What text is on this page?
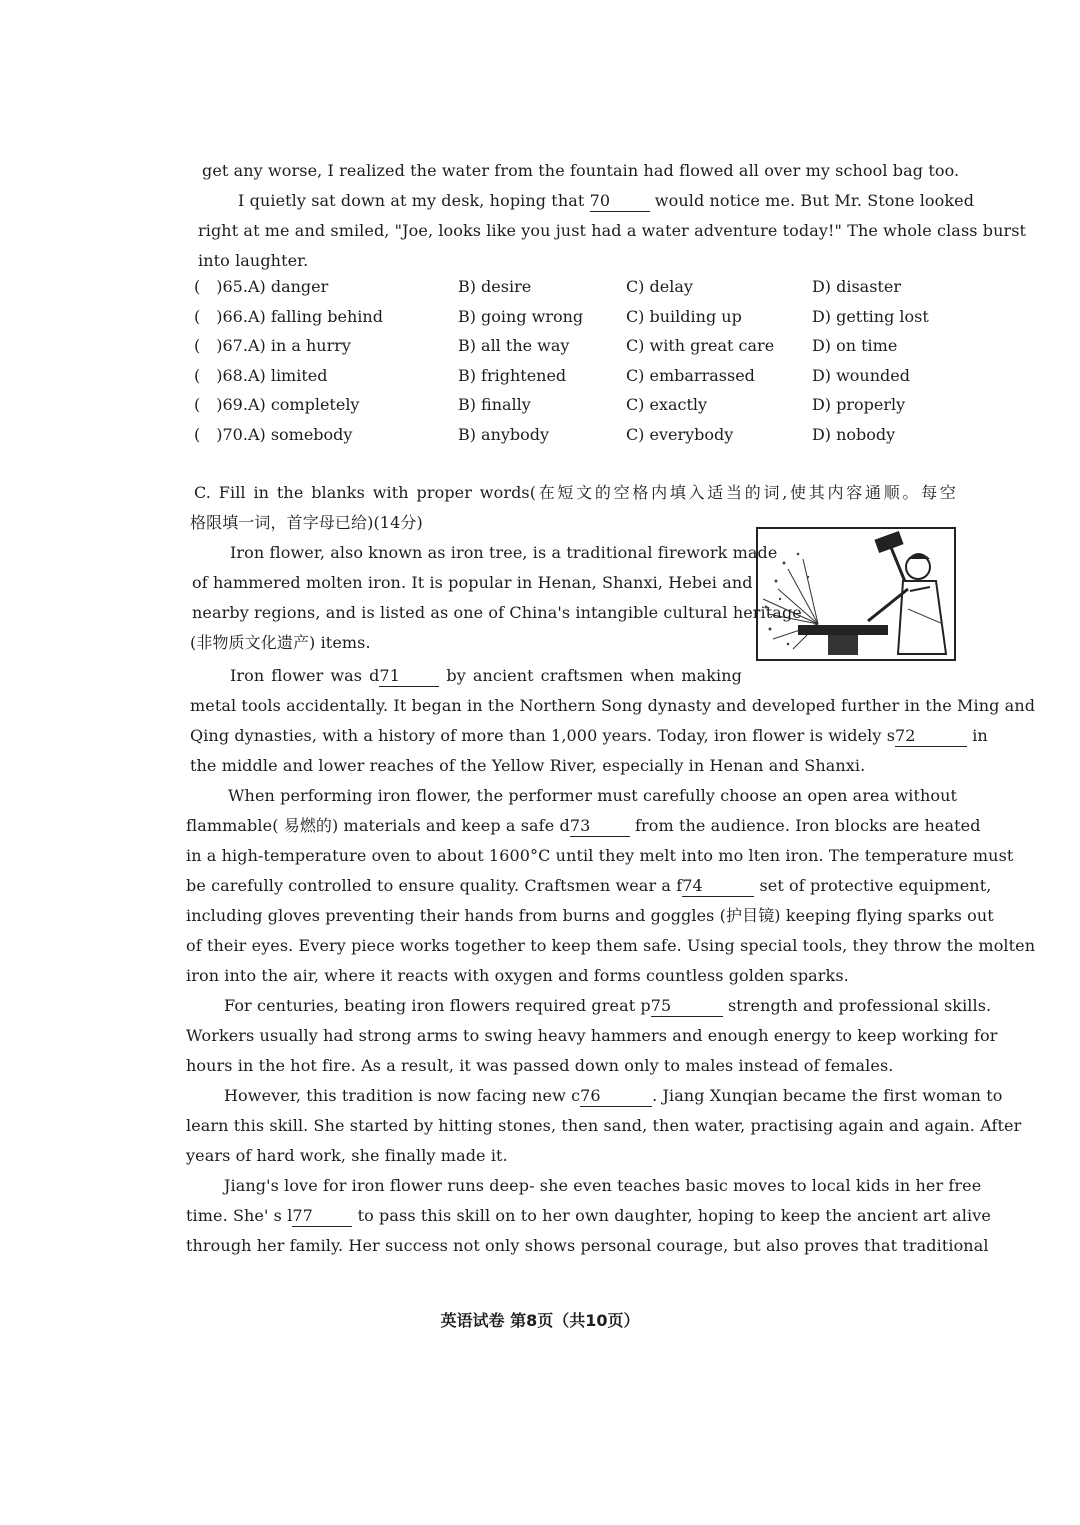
get any worse, I realized the water from the fountain had flowed all over my school bag too.
I quietly sat down at my desk, hoping that 70	would notice me. But Mr. Stone looked
right at me and smiled, "Joe, looks like you just had a water adventure today!" The whole class burst
into laughter.
( )65.	A) danger	B) desire	C) delay	D) disaster
( )66.	A) falling behind	B) going wrong	C) building up	D) getting lost
( )67.	A) in a hurry	B) all the way	C) with great care	D) on time
( )68.	A) limited	B) frightened	C) embarrassed	D) wounded
( )69.	A) completely	B) finally	C) exactly	D) properly
( )70.	A) somebody	B) anybody	C) everybody	D) nobody
C. Fill in the blanks with proper words(在短文的空格内填入适当的词,使其内容通顺。每空
格限填一词，首字母已给)(14分)
Iron flower, also known as iron tree, is a traditional firework made
of hammered molten iron. It is popular in Henan, Shanxi, Hebei and
nearby regions, and is listed as one of China's intangible cultural heritage
(非物质文化遗产) items.
Iron flower was d71	by ancient craftsmen when making
metal tools accidentally. It began in the Northern Song dynasty and developed further in the Ming and
Qing dynasties, with a history of more than 1,000 years. Today, iron flower is widely s72	in
the middle and lower reaches of the Yellow River, especially in Henan and Shanxi.
When performing iron flower, the performer must carefully choose an open area without
flammable( 易燃的) materials and keep a safe d73	from the audience. Iron blocks are heated
in a high-temperature oven to about 1600°C until they melt into mo lten iron. The temperature must
be carefully controlled to ensure quality. Craftsmen wear a f74	set of protective equipment,
including gloves preventing their hands from burns and goggles (护目镜) keeping flying sparks out
of their eyes. Every piece works together to keep them safe. Using special tools, they throw the molten
iron into the air, where it reacts with oxygen and forms countless golden sparks.
For centuries, beating iron flowers required great p75	strength and professional skills.
Workers usually had strong arms to swing heavy hammers and enough energy to keep working for
hours in the hot fire. As a result, it was passed down only to males instead of females.
However, this tradition is now facing new c76	. Jiang Xunqian became the first woman to
learn this skill. She started by hitting stones, then sand, then water, practising again and again. After
years of hard work, she finally made it.
Jiang's love for iron flower runs deep- she even teaches basic moves to local kids in her free
time. She' s l77	to pass this skill on to her own daughter, hoping to keep the ancient art alive
through her family. Her success not only shows personal courage, but also proves that traditional
英语试卷 第8页（共10页）
